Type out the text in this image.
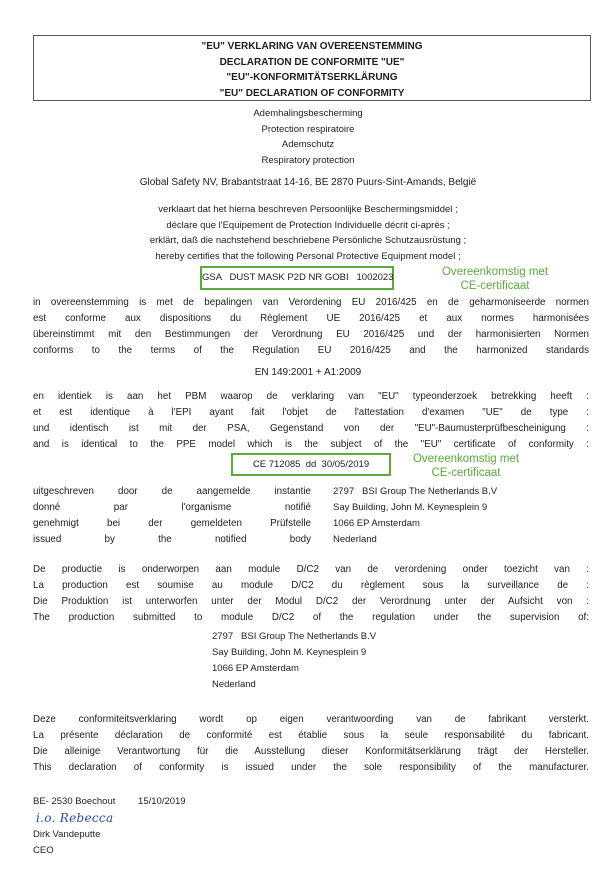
"EU" VERKLARING VAN OVEREENSTEMMING
DECLARATION DE CONFORMITE "UE"
"EU"-KONFORMITÄTSERKLÄRUNG
"EU" DECLARATION OF CONFORMITY
Ademhalingsbescherming
Protection respiratoire
Ademschutz
Respiratory protection
Global Safety NV, Brabantstraat 14-16, BE 2870 Puurs-Sint-Amands, België
verklaart dat het hierna beschreven Persoonlijke Beschermingsmiddel ;
déclare que l'Equipement de Protection Individuelle décrit ci-après ;
erklärt, daß die nachstehend beschriebene Persönliche Schutzausrüstung ;
hereby certifies that the following Personal Protective Equipment model ;
GSA   DUST MASK P2D NR GOBI   1002023	Overeenkomstig met
CE-certificaat
in overeenstemming is met de bepalingen van Verordening EU 2016/425 en de geharmoniseerde normen
est conforme aux dispositions du Règlement UE 2016/425 et aux normes harmonisées
übereinstimmt mit den Bestimmungen der Verordnung EU 2016/425 und der harmonisierten Normen
conforms to the terms of the Regulation EU 2016/425 and the harmonized standards
EN 149:2001 + A1:2009
en identiek is aan het PBM waarop de verklaring van "EU" typeonderzoek betrekking heeft :
et est identique à l'EPI ayant fait l'objet de l'attestation d'examen "UE" de type :
und identisch ist mit der PSA, Gegenstand von der "EU"-Baumusterprüfbescheinigung :
and is identical to the PPE model which is the subject of the "EU" certificate of conformity :
CE 712085  dd  30/05/2019	Overeenkomstig met
CE-certificaat
uitgeschreven door de aangemelde instantie
donné par l'organisme notifié
genehmigt bei der gemeldeten Prüfstelle
issued by the notified body
2797   BSI Group The Netherlands B.V
Say Building, John M. Keynesplein 9
1066 EP Amsterdam
Nederland
De productie is onderworpen aan module D/C2 van de verordening onder toezicht van :
La production est soumise au module D/C2 du règlement sous la surveillance de :
Die Produktion ist unterworfen unter der Modul D/C2 der Verordnung unter der Aufsicht von :
The production submitted to module D/C2 of the regulation under the supervision of:
2797   BSI Group The Netherlands B.V
Say Building, John M. Keynesplein 9
1066 EP Amsterdam
Nederland
Deze conformiteitsverklaring wordt op eigen verantwoording van de fabrikant versterkt.
La présente déclaration de conformité est établie sous la seule responsabilité du fabricant.
Die alleinige Verantwortung für die Ausstellung dieser Konformitätserklärung trägt der Hersteller.
This declaration of conformity is issued under the sole responsibility of the manufacturer.
BE- 2530 Boechout 15/10/2019
i.o. Rebecca
Dirk Vandeputte
CEO
